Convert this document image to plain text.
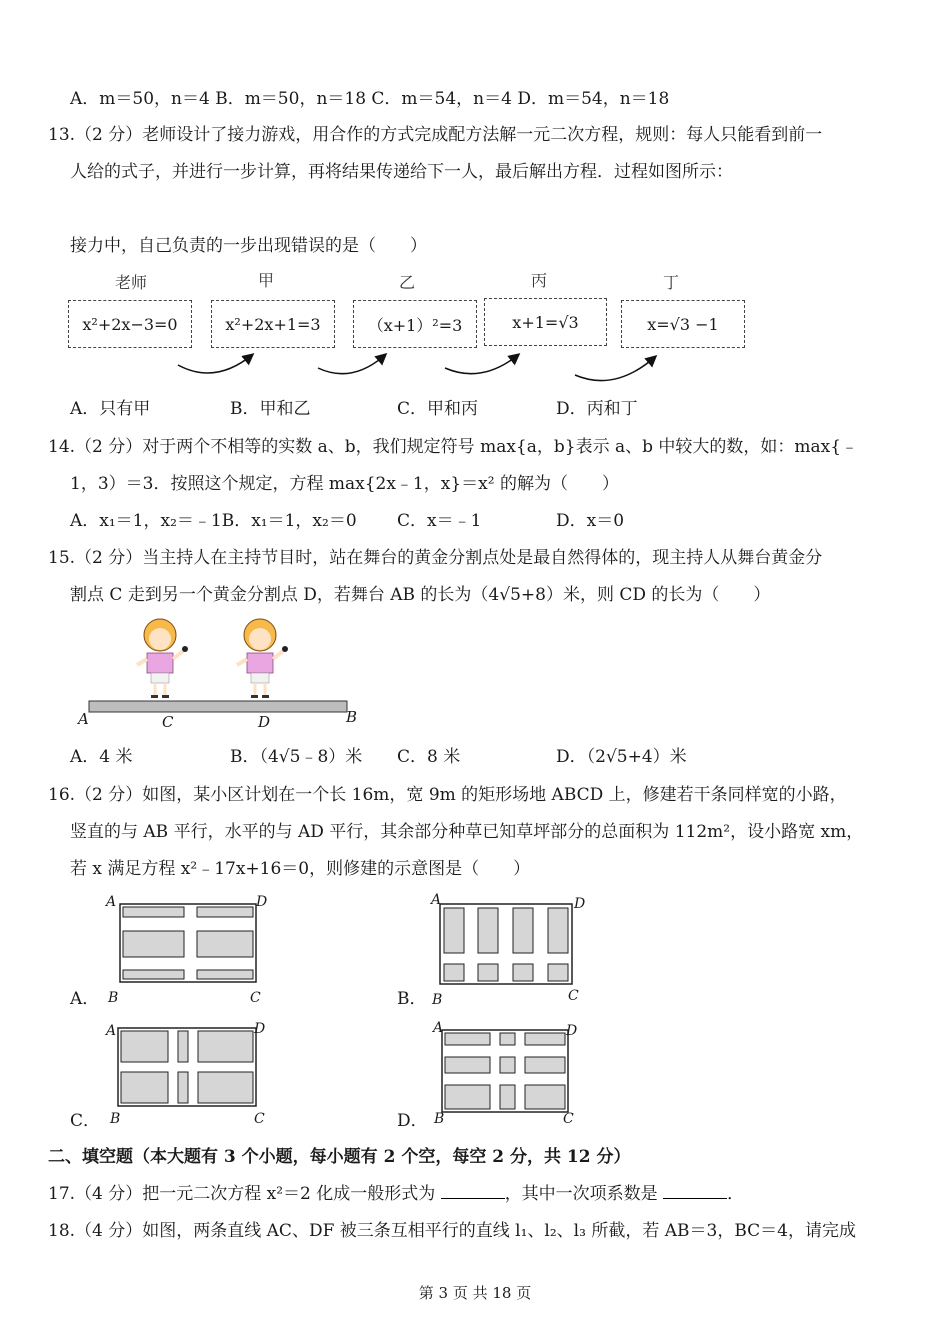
A．m＝50，n＝4 B．m＝50，n＝18 C．m＝54，n＝4 D．m＝54，n＝18
13.（2 分）老师设计了接力游戏，用合作的方式完成配方法解一元二次方程，规则：每人只能看到前一
人给的式子，并进行一步计算，再将结果传递给下一人，最后解出方程．过程如图所示：
接力中，自己负责的一步出现错误的是（　　）
老师	甲	乙	丙	丁
x²+2x−3=0	x²+2x+1=3	（x+1）²=3	x+1=√3	x=√3 −1
A．只有甲	B．甲和乙	C．甲和丙	D．丙和丁
14.（2 分）对于两个不相等的实数 a、b，我们规定符号 max{a，b}表示 a、b 中较大的数，如：max{﹣
1，3）＝3．按照这个规定，方程 max{2x﹣1，x}＝x² 的解为（　　）
A．x₁＝1，x₂＝﹣1B．x₁＝1，x₂＝0 C．x＝﹣1	D．x＝0
15.（2 分）当主持人在主持节目时，站在舞台的黄金分割点处是最自然得体的，现主持人从舞台黄金分
割点 C 走到另一个黄金分割点 D，若舞台 AB 的长为（4√5+8）米，则 CD 的长为（　　）
A	C	D	B
A．4 米	B．（4√5﹣8）米 C．8 米	D．（2√5+4）米
16.（2 分）如图，某小区计划在一个长 16m，宽 9m 的矩形场地 ABCD 上，修建若干条同样宽的小路，
竖直的与 AB 平行，水平的与 AD 平行，其余部分种草已知草坪部分的总面积为 112m²，设小路宽 xm，
若 x 满足方程 x²﹣17x+16＝0，则修建的示意图是（　　）
A	D
B	C
A．
A	D
B	C
B．
A	D
B	C
C．
A	D
B	C
D．
二、填空题（本大题有 3 个小题，每小题有 2 个空，每空 2 分，共 12 分）
17.（4 分）把一元二次方程 x²＝2 化成一般形式为	，其中一次项系数是	．
18.（4 分）如图，两条直线 AC、DF 被三条互相平行的直线 l₁、l₂、l₃ 所截，若 AB＝3，BC＝4，请完成
第 3 页 共 18 页
